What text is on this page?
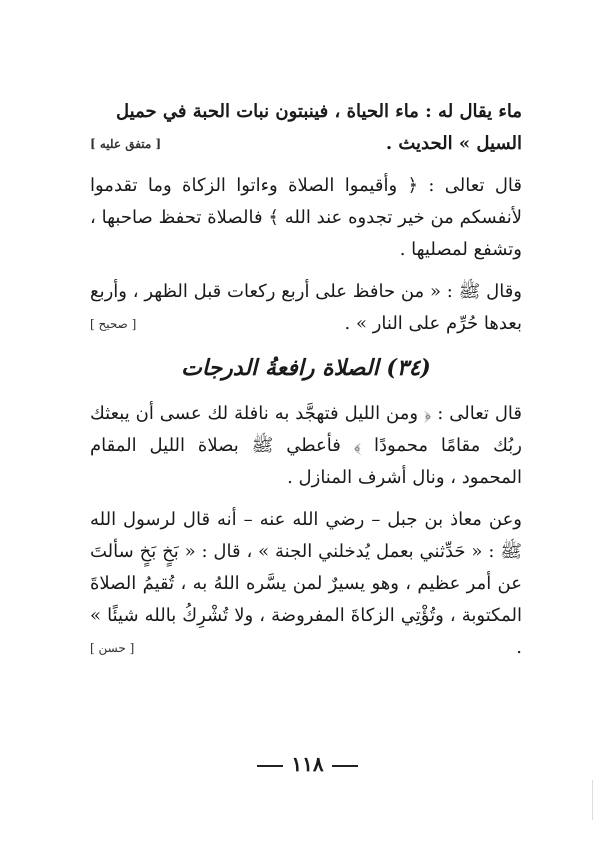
ماء يقال له : ماء الحياة ، فينبتون نبات الحبة في حميل
السيل » الحديث .
[ متفق عليه ]

قال تعالى : ﴿ وأقيموا الصلاة وءاتوا الزكاة وما تقدموا لأنفسكم من خير تجدوه عند الله ﴾ فالصلاة تحفظ صاحبها ، وتشفع لمصليها .

وقال ﷺ : « من حافظ على أربع ركعات قبل الظهر ، وأربع بعدها حُرِّم على النار » .
[ صحيح ]

(٣٤) الصلاة رافعةُ الدرجات

قال تعالى : ﴿ ومن الليل فتهجَّد به نافلة لك عسى أن يبعثك ربُك مقامًا محمودًا ﴾ فأعطي ﷺ بصلاة الليل المقام المحمود ، ونال أشرف المنازل .

وعن معاذ بن جبل – رضي الله عنه – أنه قال لرسول الله ﷺ : « حَدِّثني بعمل يُدخلني الجنة » ، قال : « بَخٍ بَخٍ سألتَ عن أمر عظيم ، وهو يسيرٌ لمن يسَّره اللهُ به ، تُقيمُ الصلاةَ المكتوبة ، وتُؤْتِي الزكاةَ المفروضة ، ولا تُشْرِكُ بالله شيئًا » .
[ حسن ]

١١٨
